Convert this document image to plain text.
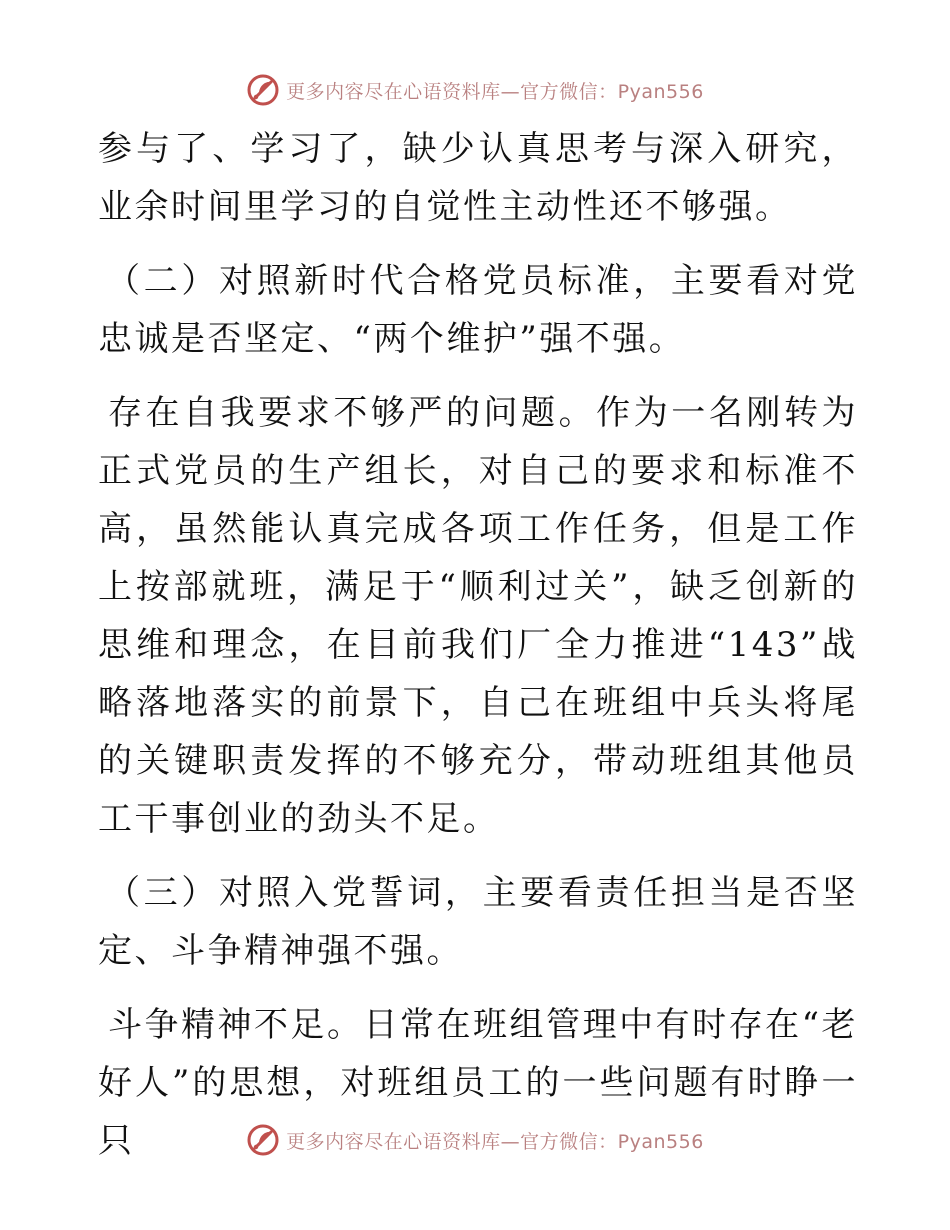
更多内容尽在心语资料库—官方微信：Pyan556

参与了、学习了，缺少认真思考与深入研究，业余时间里学习的自觉性主动性还不够强。

（二）对照新时代合格党员标准，主要看对党忠诚是否坚定、“两个维护”强不强。

存在自我要求不够严的问题。作为一名刚转为正式党员的生产组长，对自己的要求和标准不高，虽然能认真完成各项工作任务，但是工作上按部就班，满足于“顺利过关”，缺乏创新的思维和理念，在目前我们厂全力推进“143”战略落地落实的前景下，自己在班组中兵头将尾的关键职责发挥的不够充分，带动班组其他员工干事创业的劲头不足。

（三）对照入党誓词，主要看责任担当是否坚定、斗争精神强不强。

斗争精神不足。日常在班组管理中有时存在“老好人”的思想，对班组员工的一些问题有时睁一只	更多内容尽在心语资料库—官方微信：Pyan556
